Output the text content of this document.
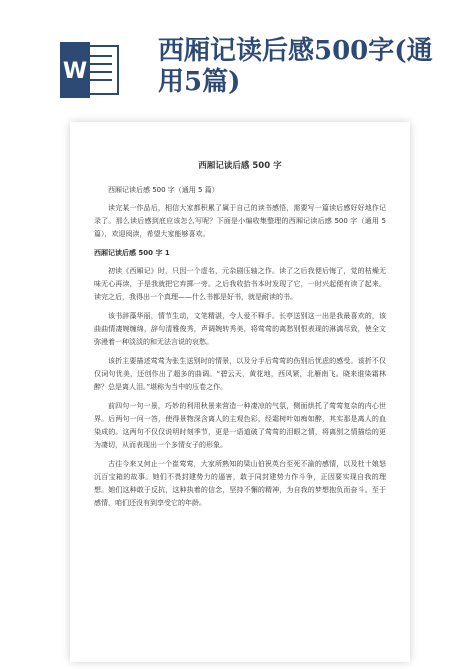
W
西厢记读后感500字(通用5篇)
西厢记读后感 500 字
西厢记读后感 500 字（通用 5 篇）
读完某一作品后，相信大家都积累了属于自己的读书感悟，需要写一篇读后感好好地作记录了。那么读后感到底应该怎么写呢？下面是小编收集整理的西厢记读后感 500 字（通用 5 篇），欢迎阅读，希望大家能够喜欢。
西厢记读后感 500 字 1
初读《西厢记》时，只因一个虚名，元杂剧压轴之作。读了之后我便后悔了，觉的枯燥无味无心再读，于是我就把它弃掷一旁。之后我收拾书本时发现了它，一时兴起便有读了起来。读完之后，我得出一个真理——什么书都是好书，就是耐读的书。
该书辞藻华丽，情节生动，文笔精湛，令人爱不释手。长亭送别这一出是我最喜欢的，该曲曲情凄婉缠绵，辞句清雅俊秀，声调婉转秀美，将莺莺的离愁别恨表现的淋漓尽致，使全文弥漫着一种淡淡的和无法言说的哀愁。
该折主要描述莺莺为张生送别时的情景，以及分手后莺莺的伤别后忧虑的感受。该折不仅仅词句优美，还创作出了超多的曲调。“碧云天，黄花地，西风紧，北雁南飞。晓来谁染霜林醉？总是离人泪。”堪称为当中的压卷之作。
前四句一句一景，巧妙的利用秋景来营造一种凄凉的气氛，侧面烘托了莺莺复杂的内心世界。后两句一问一答，使得景物深含离人的主观色彩，经霜树叶如痴如醉，其实那是离人的血染成的。这两句不仅仅说明时刻季节，更是一语道破了莺莺的泪眼之情，将离别之情描绘的更为凄切，从而表现出一个多情女子的形象。
古往今来又何止一个崔莺莺，大家所熟知的梁山伯祝英台至死不渝的感情，以及杜十娘怒沉百宝箱的故事。她们不畏封建势力的逼害，敢于同封建势力作斗争，正因要实现自我的理想。她们这种敢于反抗，这种执着的信念，坚持不懈的精神，为自我的梦想抱负而奋斗。至于感情，咱们还没有到享受它的年龄。
